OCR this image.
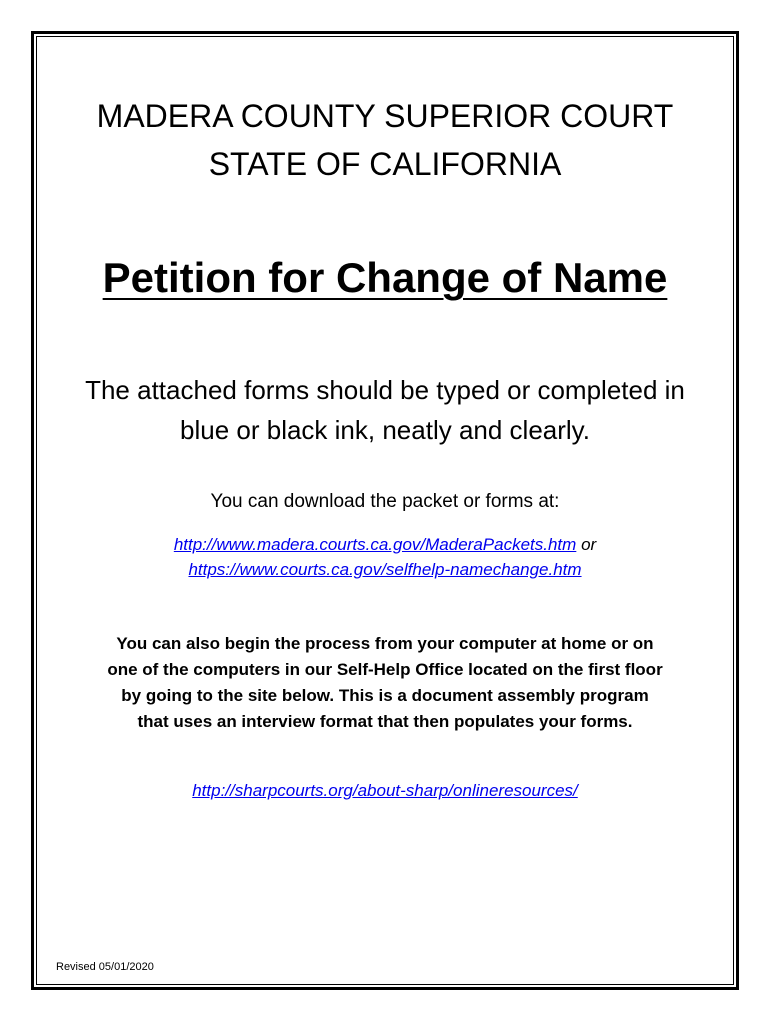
MADERA COUNTY SUPERIOR COURT
STATE OF CALIFORNIA
Petition for Change of Name
The attached forms should be typed or completed in
blue or black ink, neatly and clearly.
You can download the packet or forms at:
http://www.madera.courts.ca.gov/MaderaPackets.htm or
https://www.courts.ca.gov/selfhelp-namechange.htm
You can also begin the process from your computer at home or on
one of the computers in our Self-Help Office located on the first floor
by going to the site below. This is a document assembly program
that uses an interview format that then populates your forms.
http://sharpcourts.org/about-sharp/onlineresources/
Revised 05/01/2020
